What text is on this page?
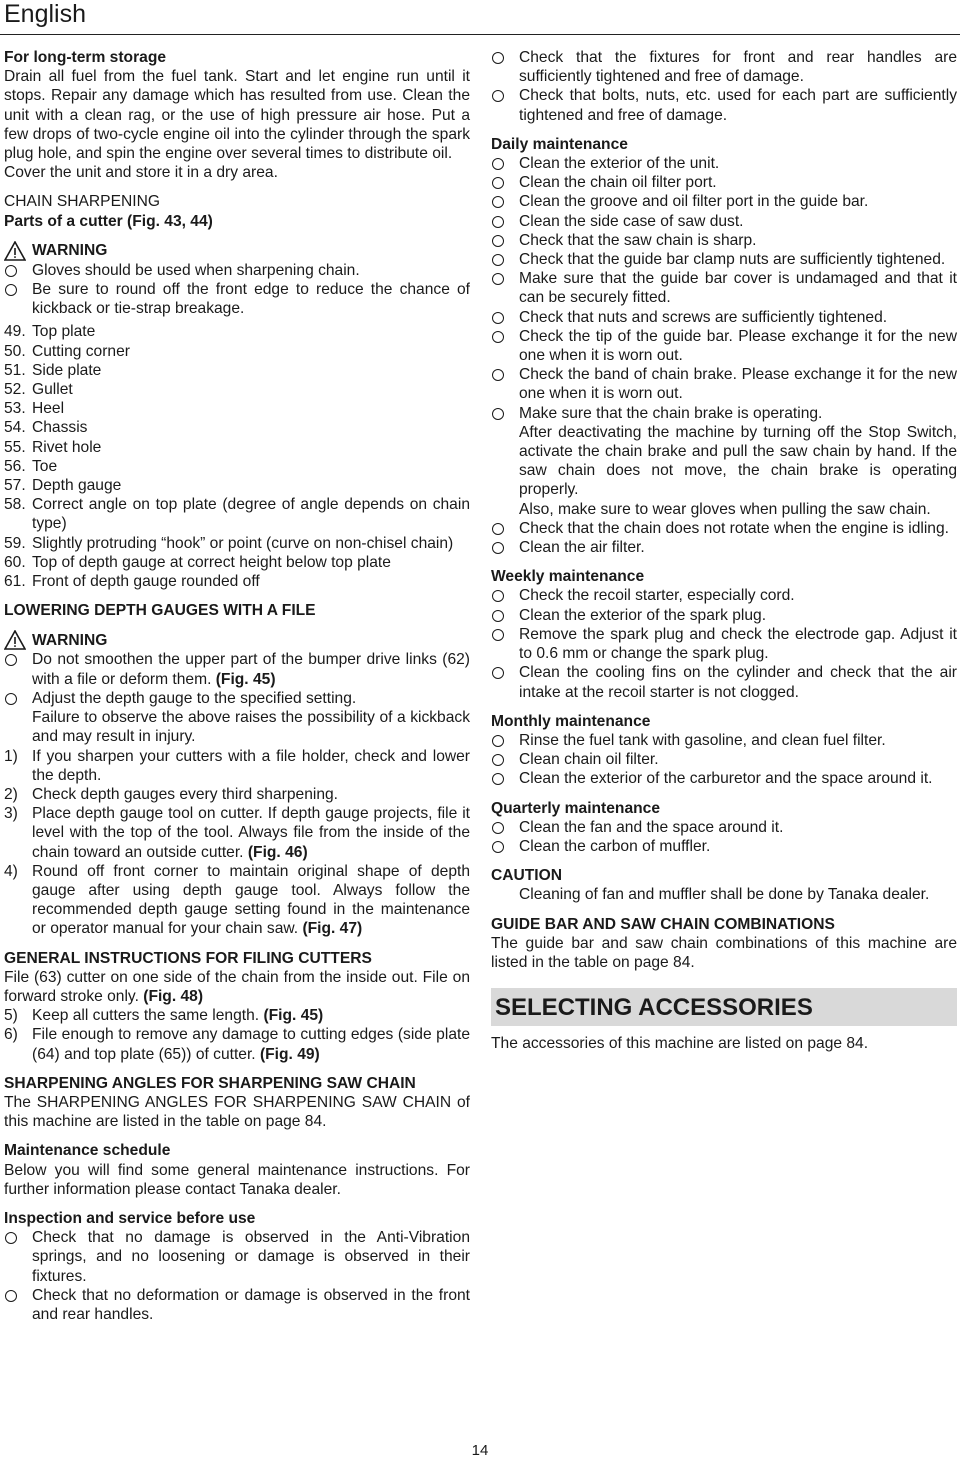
English

For long-term storage

Drain all fuel from the fuel tank. Start and let engine run until it stops. Repair any damage which has resulted from use. Clean the unit with a clean rag, or the use of high pressure air hose. Put a few drops of two-cycle engine oil into the cylinder through the spark plug hole, and spin the engine over several times to distribute oil.

Cover the unit and store it in a dry area.

CHAIN SHARPENING

Parts of a cutter (Fig. 43, 44)

WARNING
Gloves should be used when sharpening chain.
Be sure to round off the front edge to reduce the chance of kickback or tie-strap breakage.
49. Top plate
50. Cutting corner
51. Side plate
52. Gullet
53. Heel
54. Chassis
55. Rivet hole
56. Toe
57. Depth gauge
58. Correct angle on top plate (degree of angle depends on chain type)
59. Slightly protruding “hook” or point (curve on non-chisel chain)
60. Top of depth gauge at correct height below top plate
61. Front of depth gauge rounded off

LOWERING DEPTH GAUGES WITH A FILE

WARNING
Do not smoothen the upper part of the bumper drive links (62) with a file or deform them. (Fig. 45)
Adjust the depth gauge to the specified setting.

Failure to observe the above raises the possibility of a kickback and may result in injury.

1) If you sharpen your cutters with a file holder, check and lower the depth.
2) Check depth gauges every third sharpening.
3) Place depth gauge tool on cutter. If depth gauge projects, file it level with the top of the tool. Always file from the inside of the chain toward an outside cutter. (Fig. 46)
4) Round off front corner to maintain original shape of depth gauge after using depth gauge tool. Always follow the recommended depth gauge setting found in the maintenance or operator manual for your chain saw. (Fig. 47)

GENERAL INSTRUCTIONS FOR FILING CUTTERS

File (63) cutter on one side of the chain from the inside out. File on forward stroke only. (Fig. 48)

5) Keep all cutters the same length. (Fig. 45)
6) File enough to remove any damage to cutting edges (side plate (64) and top plate (65)) of cutter. (Fig. 49)

SHARPENING ANGLES FOR SHARPENING SAW CHAIN

The SHARPENING ANGLES FOR SHARPENING SAW CHAIN of this machine are listed in the table on page 84.

Maintenance schedule

Below you will find some general maintenance instructions. For further information please contact Tanaka dealer.

Inspection and service before use

Check that no damage is observed in the Anti-Vibration springs, and no loosening or damage is observed in their fixtures.
Check that no deformation or damage is observed in the front and rear handles.
Check that the fixtures for front and rear handles are sufficiently tightened and free of damage.
Check that bolts, nuts, etc. used for each part are sufficiently tightened and free of damage.

Daily maintenance

Clean the exterior of the unit.
Clean the chain oil filter port.
Clean the groove and oil filter port in the guide bar.
Clean the side case of saw dust.
Check that the saw chain is sharp.
Check that the guide bar clamp nuts are sufficiently tightened.
Make sure that the guide bar cover is undamaged and that it can be securely fitted.
Check that nuts and screws are sufficiently tightened.
Check the tip of the guide bar. Please exchange it for the new one when it is worn out.
Check the band of chain brake. Please exchange it for the new one when it is worn out.
Make sure that the chain brake is operating.

After deactivating the machine by turning off the Stop Switch, activate the chain brake and pull the saw chain by hand. If the saw chain does not move, the chain brake is operating properly.

Also, make sure to wear gloves when pulling the saw chain.

Check that the chain does not rotate when the engine is idling.
Clean the air filter.

Weekly maintenance

Check the recoil starter, especially cord.
Clean the exterior of the spark plug.
Remove the spark plug and check the electrode gap. Adjust it to 0.6 mm or change the spark plug.
Clean the cooling fins on the cylinder and check that the air intake at the recoil starter is not clogged.

Monthly maintenance

Rinse the fuel tank with gasoline, and clean fuel filter.
Clean chain oil filter.
Clean the exterior of the carburetor and the space around it.

Quarterly maintenance

Clean the fan and the space around it.
Clean the carbon of muffler.

CAUTION

Cleaning of fan and muffler shall be done by Tanaka dealer.

GUIDE BAR AND SAW CHAIN COMBINATIONS

The guide bar and saw chain combinations of this machine are listed in the table on page 84.

SELECTING ACCESSORIES

The accessories of this machine are listed on page 84.

14
